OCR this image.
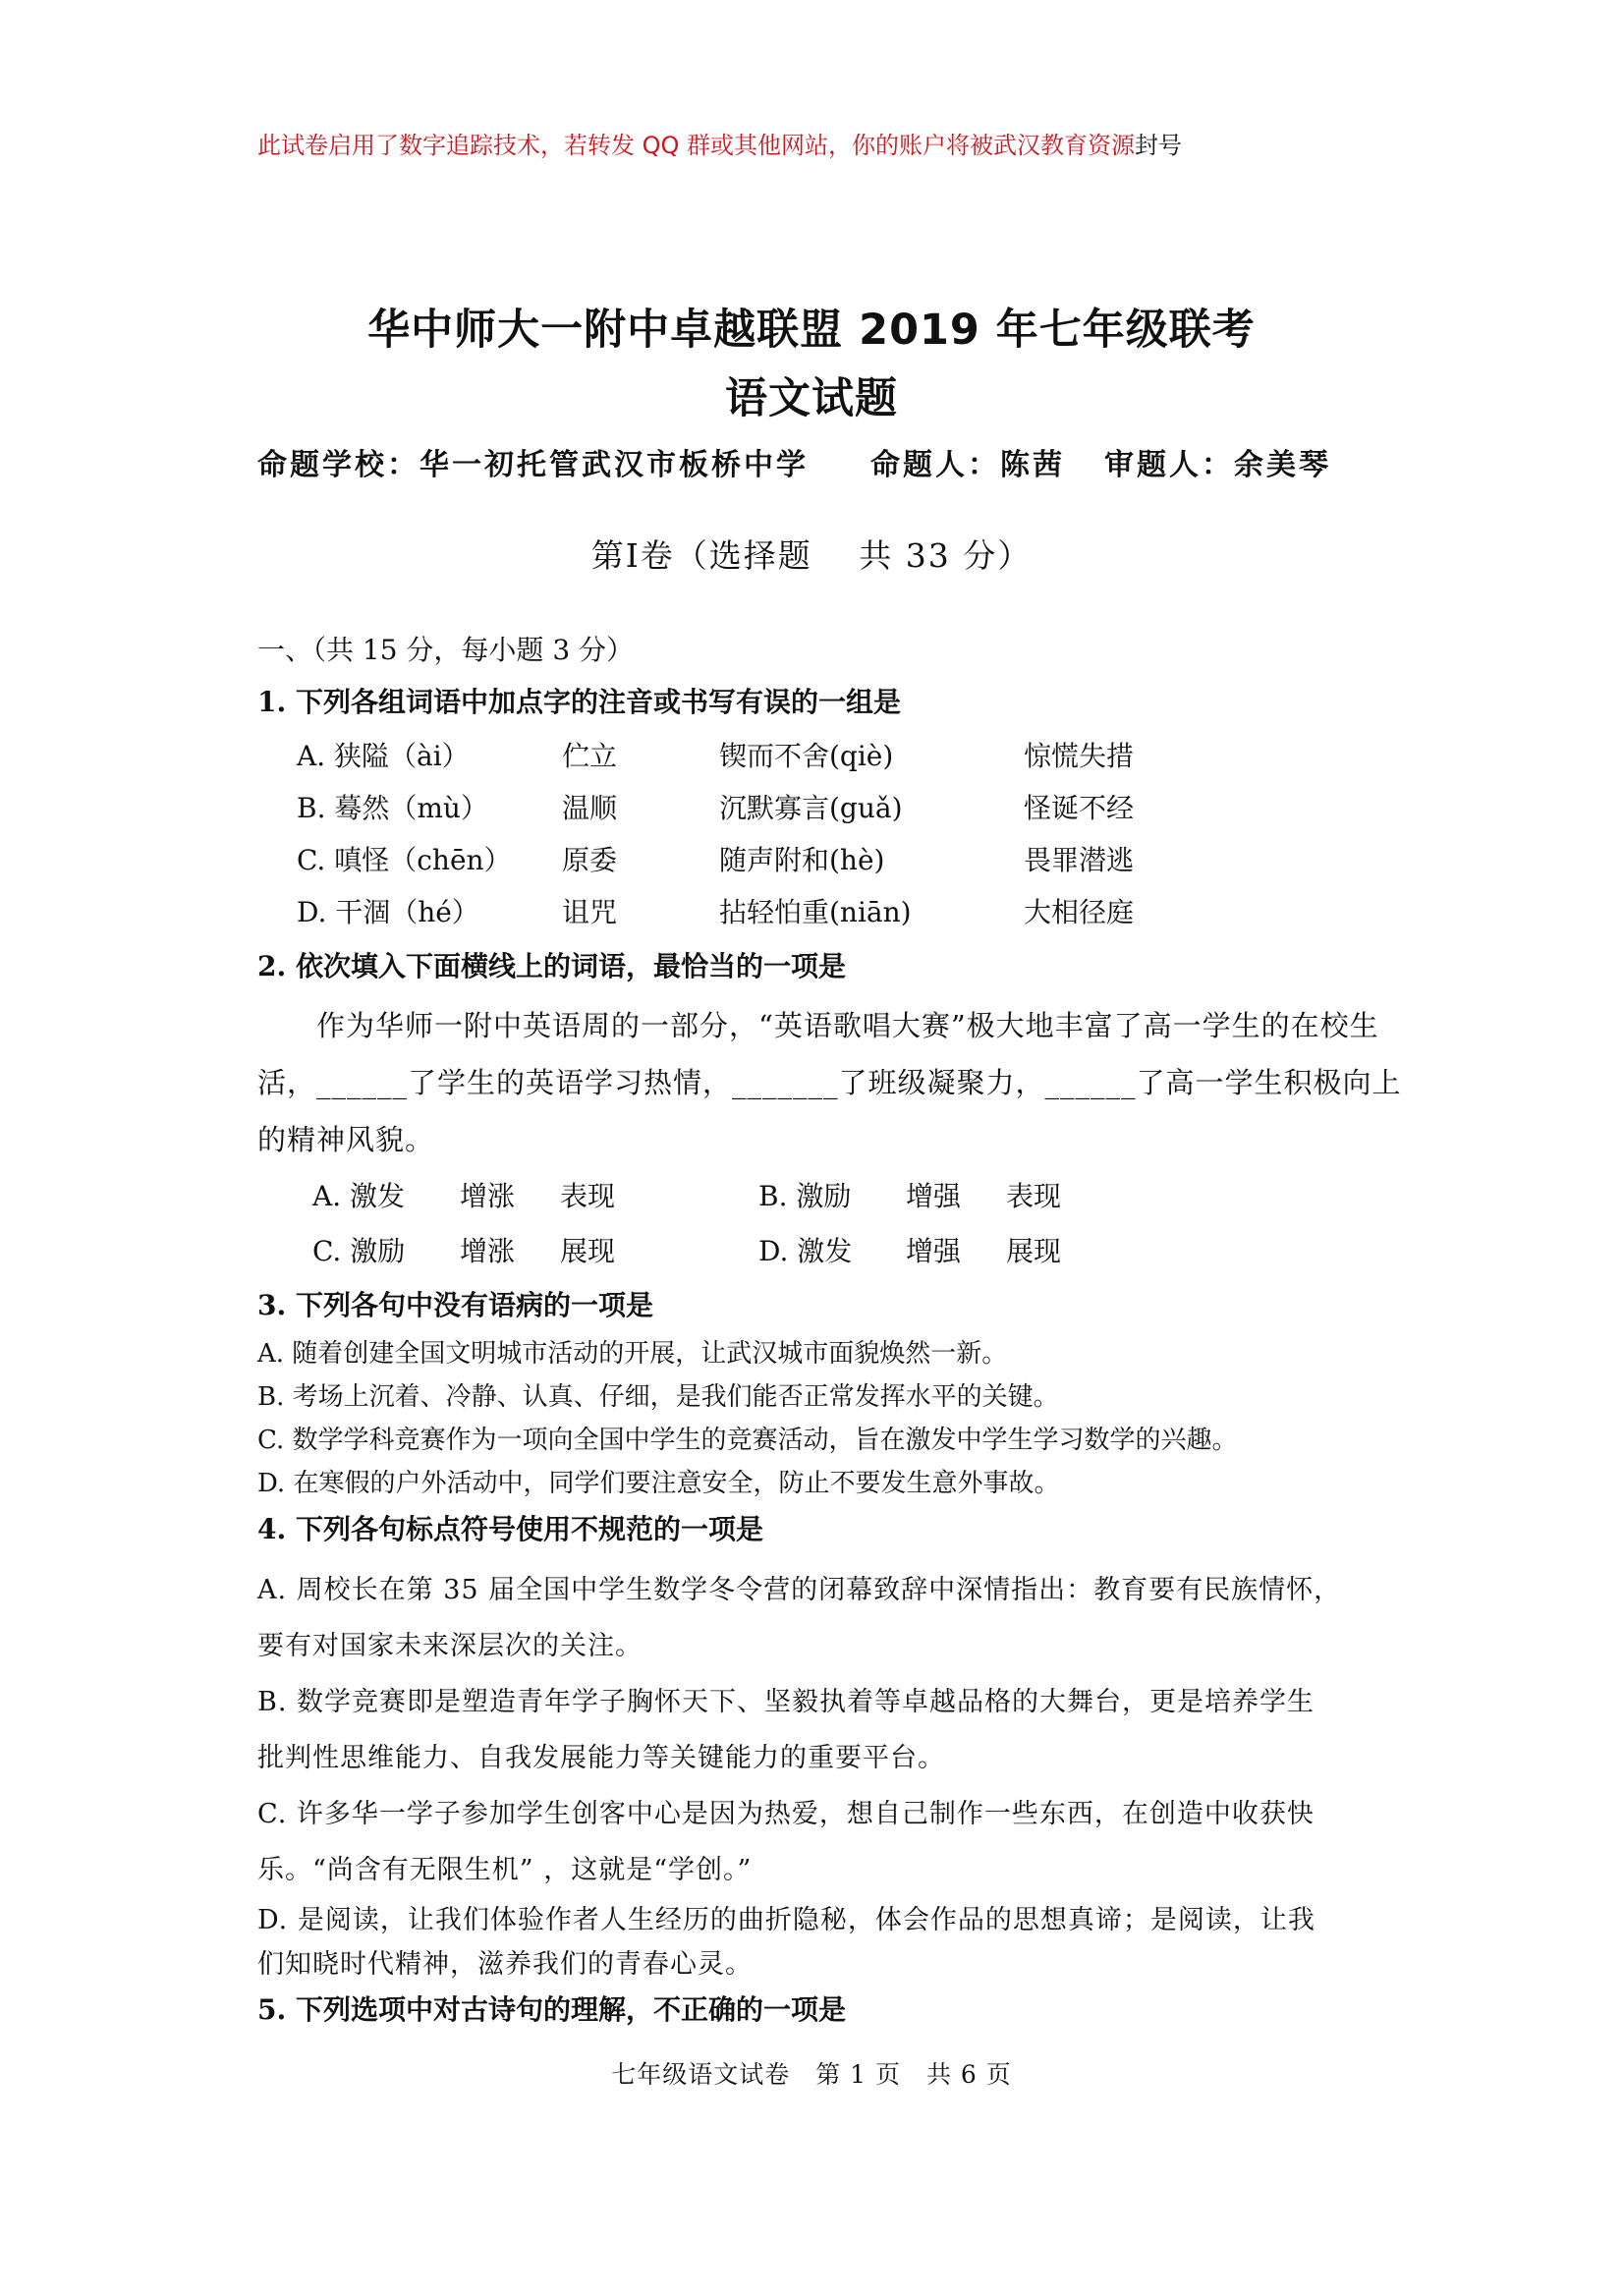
此试卷启用了数字追踪技术，若转发 QQ 群或其他网站，你的账户将被武汉教育资源封号
华中师大一附中卓越联盟 2019 年七年级联考
语文试题
命题学校：华一初托管武汉市板桥中学 命题人：陈茜 审题人：余美琴
第Ⅰ卷（选择题　 共 33 分）
一、（共 15 分，每小题 3 分）
1. 下列各组词语中加点字的注音或书写有误的一组是
A. 狭隘（ài）	伫立	锲而不舍(qiè)	惊慌失措
B. 蓦然（mù）	温顺	沉默寡言(guǎ)	怪诞不经
C. 嗔怪（chēn） 原委	随声附和(hè)	畏罪潜逃
D. 干涸（hé）	诅咒	拈轻怕重(niān)	大相径庭
2. 依次填入下面横线上的词语，最恰当的一项是
作为华师一附中英语周的一部分，“英语歌唱大赛”极大地丰富了高一学生的在校生
活，______了学生的英语学习热情，_______了班级凝聚力，______了高一学生积极向上
的精神风貌。
A. 激发 增涨 表现	B. 激励 增强 表现
C. 激励 增涨 展现	D. 激发 增强 展现
3. 下列各句中没有语病的一项是
A. 随着创建全国文明城市活动的开展，让武汉城市面貌焕然一新。
B. 考场上沉着、冷静、认真、仔细，是我们能否正常发挥水平的关键。
C. 数学学科竞赛作为一项向全国中学生的竞赛活动，旨在激发中学生学习数学的兴趣。
D. 在寒假的户外活动中，同学们要注意安全，防止不要发生意外事故。
4. 下列各句标点符号使用不规范的一项是
A. 周校长在第 35 届全国中学生数学冬令营的闭幕致辞中深情指出：教育要有民族情怀，
要有对国家未来深层次的关注。
B. 数学竞赛即是塑造青年学子胸怀天下、坚毅执着等卓越品格的大舞台，更是培养学生
批判性思维能力、自我发展能力等关键能力的重要平台。
C. 许多华一学子参加学生创客中心是因为热爱，想自己制作一些东西，在创造中收获快
乐。“尚含有无限生机” ，这就是“学创。”
D. 是阅读，让我们体验作者人生经历的曲折隐秘，体会作品的思想真谛；是阅读，让我
们知晓时代精神，滋养我们的青春心灵。
5. 下列选项中对古诗句的理解，不正确的一项是
七年级语文试卷　第 1 页　共 6 页
